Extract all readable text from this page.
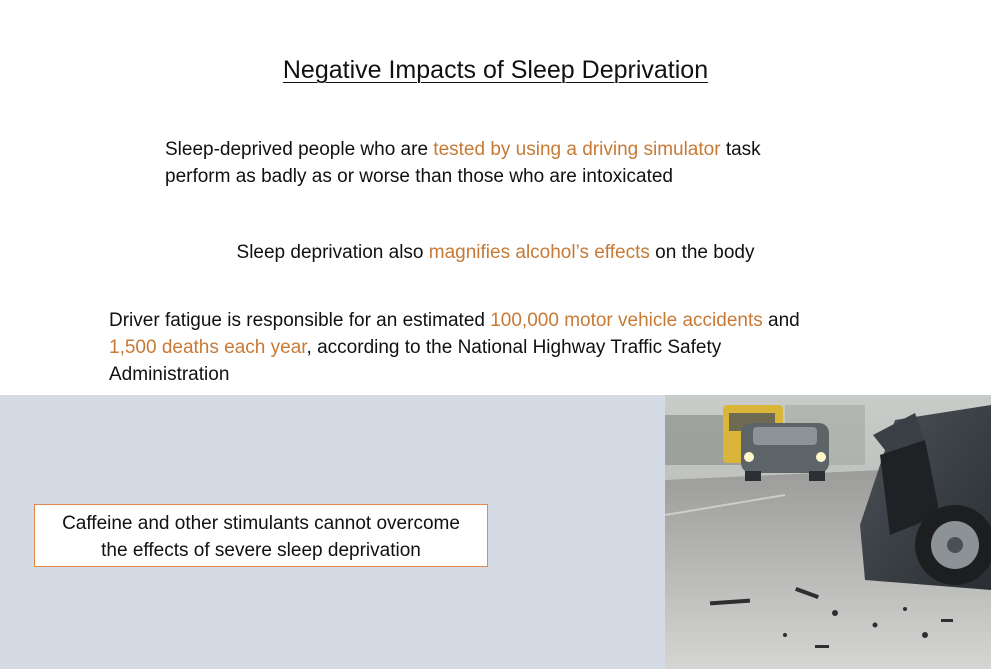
Negative Impacts of Sleep Deprivation
Sleep-deprived people who are tested by using a driving simulator task
perform as badly as or worse than those who are intoxicated
Sleep deprivation also magnifies alcohol’s effects on the body
Driver fatigue is responsible for an estimated 100,000 motor vehicle accidents and
1,500 deaths each year, according to the National Highway Traffic Safety
Administration
Caffeine and other stimulants cannot overcome
the effects of severe sleep deprivation
